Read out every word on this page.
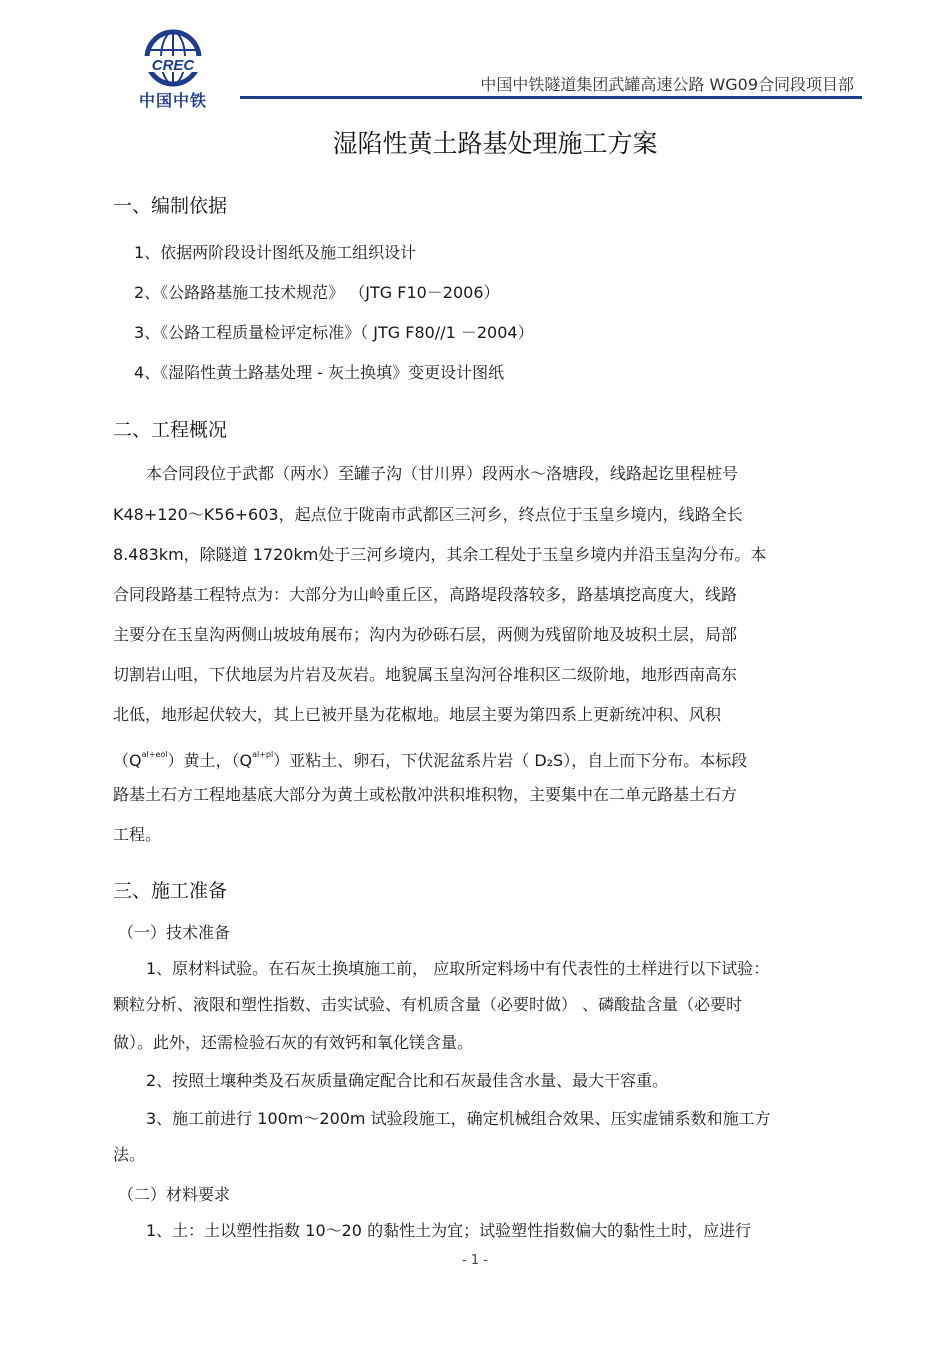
CREC
中国中铁
中国中铁隧道集团武罐高速公路 WG09合同段项目部
湿陷性黄土路基处理施工方案
一、编制依据
1、依据两阶段设计图纸及施工组织设计
2、《公路路基施工技术规范》 （JTG F10－2006）
3、《公路工程质量检评定标准》（ JTG F80//1 －2004）
4、《湿陷性黄土路基处理 - 灰土换填》变更设计图纸
二、工程概况
本合同段位于武都（两水）至罐子沟（甘川界）段两水～洛塘段，线路起讫里程桩号
K48+120～K56+603，起点位于陇南市武都区三河乡，终点位于玉皇乡境内，线路全长
8.483km，除隧道 1720km处于三河乡境内，其余工程处于玉皇乡境内并沿玉皇沟分布。本
合同段路基工程特点为：大部分为山岭重丘区，高路堤段落较多，路基填挖高度大，线路
主要分在玉皇沟两侧山坡坡角展布；沟内为砂砾石层，两侧为残留阶地及坡积土层，局部
切割岩山咀，下伏地层为片岩及灰岩。地貌属玉皇沟河谷堆积区二级阶地，地形西南高东
北低，地形起伏较大，其上已被开垦为花椒地。地层主要为第四系上更新统冲积、风积
$(Q^{al+eol})$黄土，$(Q^{al+pl})$亚粘土、卵石，下伏泥盆系片岩（ D₂S），自上而下分布。本标段
路基土石方工程地基底大部分为黄土或松散冲洪积堆积物，主要集中在二单元路基土石方
工程。
三、施工准备
（一）技术准备
1、原材料试验。在石灰土换填施工前， 应取所定料场中有代表性的土样进行以下试验：
颗粒分析、液限和塑性指数、击实试验、有机质含量（必要时做） 、磷酸盐含量（必要时
做）。此外，还需检验石灰的有效钙和氧化镁含量。
2、按照土壤种类及石灰质量确定配合比和石灰最佳含水量、最大干容重。
3、施工前进行 100m～200m 试验段施工，确定机械组合效果、压实虚铺系数和施工方
法。
（二）材料要求
1、土：土以塑性指数 10～20 的黏性土为宜；试验塑性指数偏大的黏性土时，应进行
- 1 -
